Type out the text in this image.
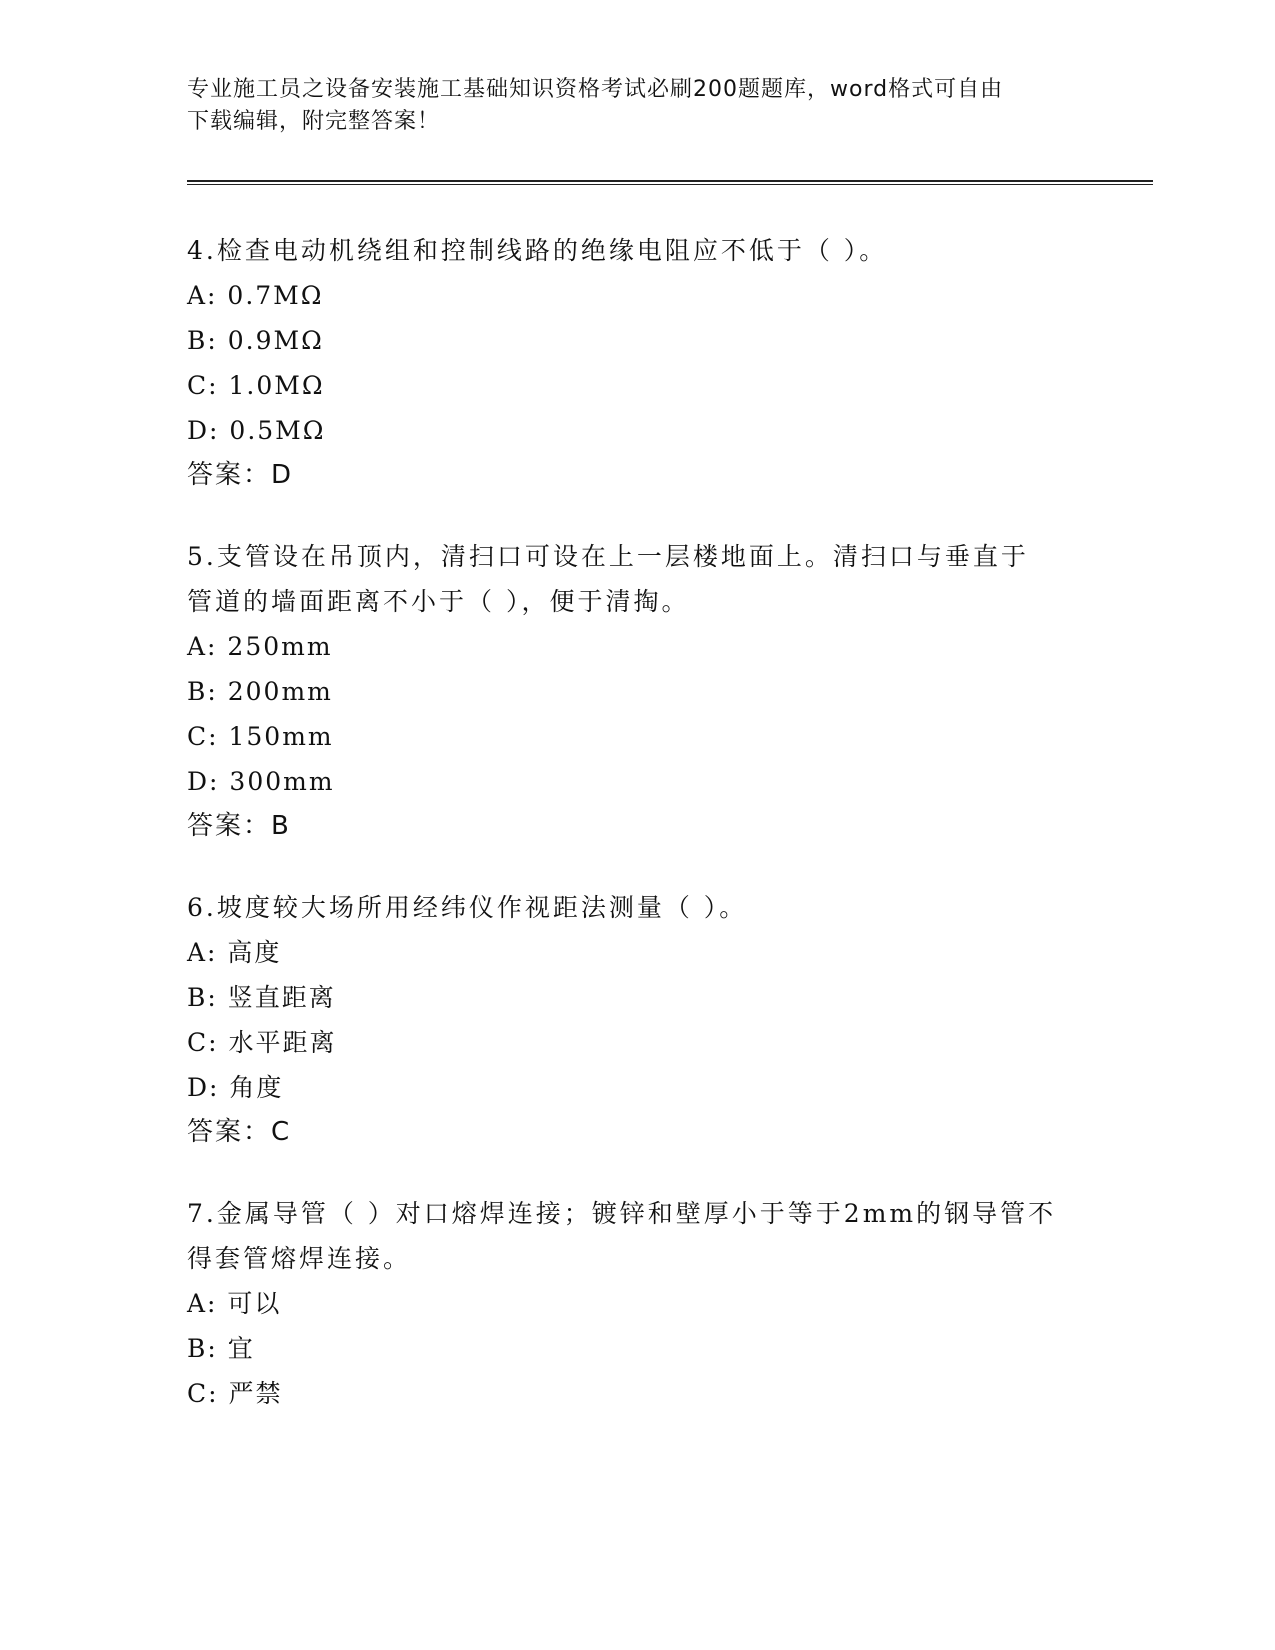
专业施工员之设备安装施工基础知识资格考试必刷200题题库，word格式可自由
下载编辑，附完整答案！
4.检查电动机绕组和控制线路的绝缘电阻应不低于（ ）。
A: 0.7MΩ
B: 0.9MΩ
C: 1.0MΩ
D: 0.5MΩ
答案：D
5.支管设在吊顶内，清扫口可设在上一层楼地面上。清扫口与垂直于
管道的墙面距离不小于（ ），便于清掏。
A: 250mm
B: 200mm
C: 150mm
D: 300mm
答案：B
6.坡度较大场所用经纬仪作视距法测量（ ）。
A: 高度
B: 竖直距离
C: 水平距离
D: 角度
答案：C
7.金属导管（ ）对口熔焊连接；镀锌和壁厚小于等于2mm的钢导管不
得套管熔焊连接。
A: 可以
B: 宜
C: 严禁
